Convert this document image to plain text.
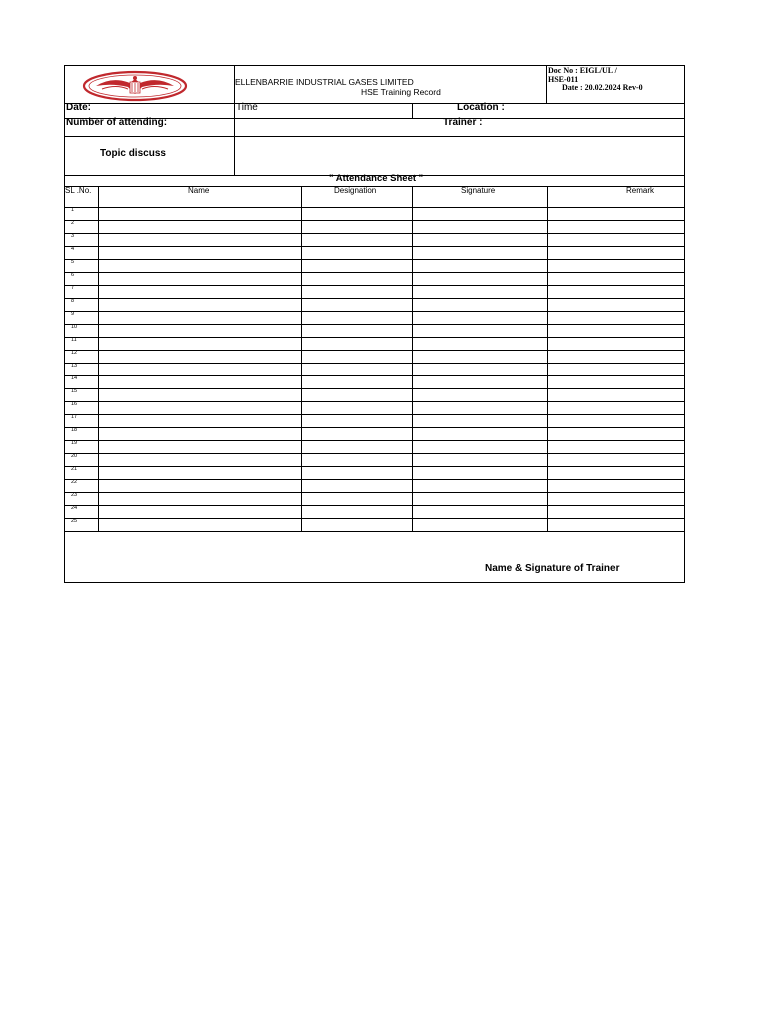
ELLENBARRIE INDUSTRIAL GASES LIMITED
HSE Training Record
Doc No : EIGL/UL /
HSE-011
Date : 20.02.2024 Rev-0
Date:	Time	Location :
Number of attending:	Trainer :
Topic discuss
" Attendance Sheet "
SL .No.	Name	Designation	Signature	Remark
1
2
3
4
5
6
7
8
9
10
11
12
13
14
15
16
17
18
19
20
21
22
23
24
25
Name & Signature of Trainer
